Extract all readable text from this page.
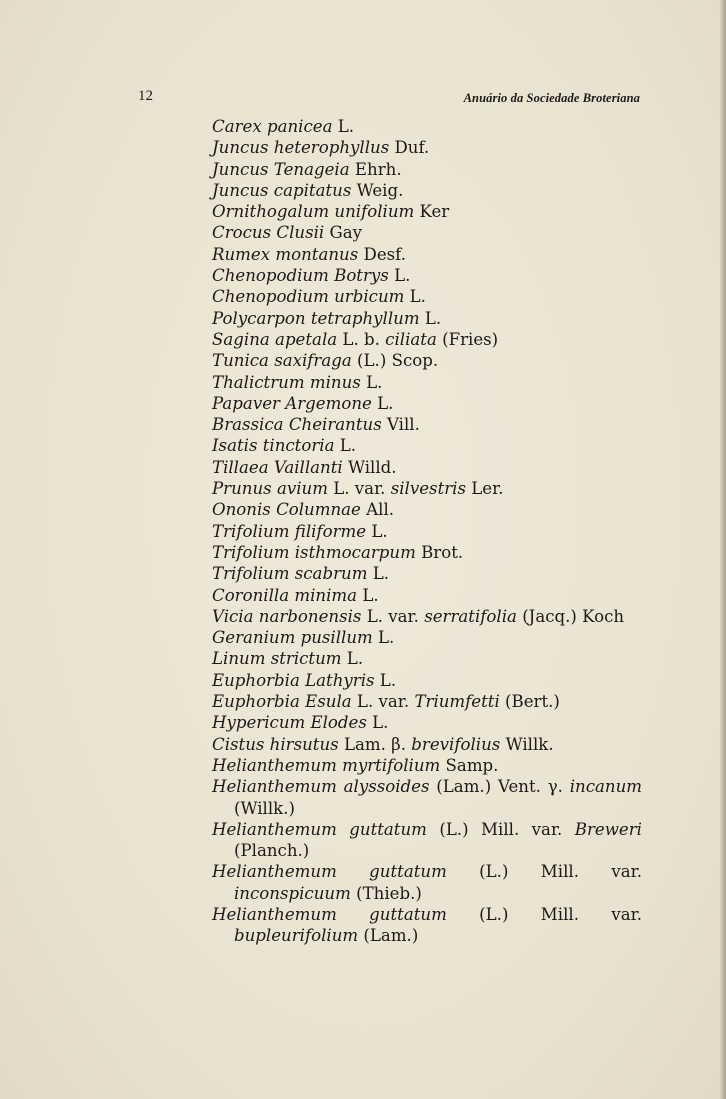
12	Anuário da Sociedade Broteriana
Carex panicea L.
Juncus heterophyllus Duf.
Juncus Tenageia Ehrh.
Juncus capitatus Weig.
Ornithogalum unifolium Ker
Crocus Clusii Gay
Rumex montanus Desf.
Chenopodium Botrys L.
Chenopodium urbicum L.
Polycarpon tetraphyllum L.
Sagina apetala L. b. ciliata (Fries)
Tunica saxifraga (L.) Scop.
Thalictrum minus L.
Papaver Argemone L.
Brassica Cheirantus Vill.
Isatis tinctoria L.
Tillaea Vaillanti Willd.
Prunus avium L. var. silvestris Ler.
Ononis Columnae All.
Trifolium filiforme L.
Trifolium isthmocarpum Brot.
Trifolium scabrum L.
Coronilla minima L.
Vicia narbonensis L. var. serratifolia (Jacq.) Koch
Geranium pusillum L.
Linum strictum L.
Euphorbia Lathyris L.
Euphorbia Esula L. var. Triumfetti (Bert.)
Hypericum Elodes L.
Cistus hirsutus Lam. β. brevifolius Willk.
Helianthemum myrtifolium Samp.
Helianthemum alyssoides (Lam.) Vent. γ. incanum (Willk.)
Helianthemum guttatum (L.) Mill. var. Breweri (Planch.)
Helianthemum guttatum (L.) Mill. var. inconspicuum (Thieb.)
Helianthemum guttatum (L.) Mill. var. bupleurifolium (Lam.)
